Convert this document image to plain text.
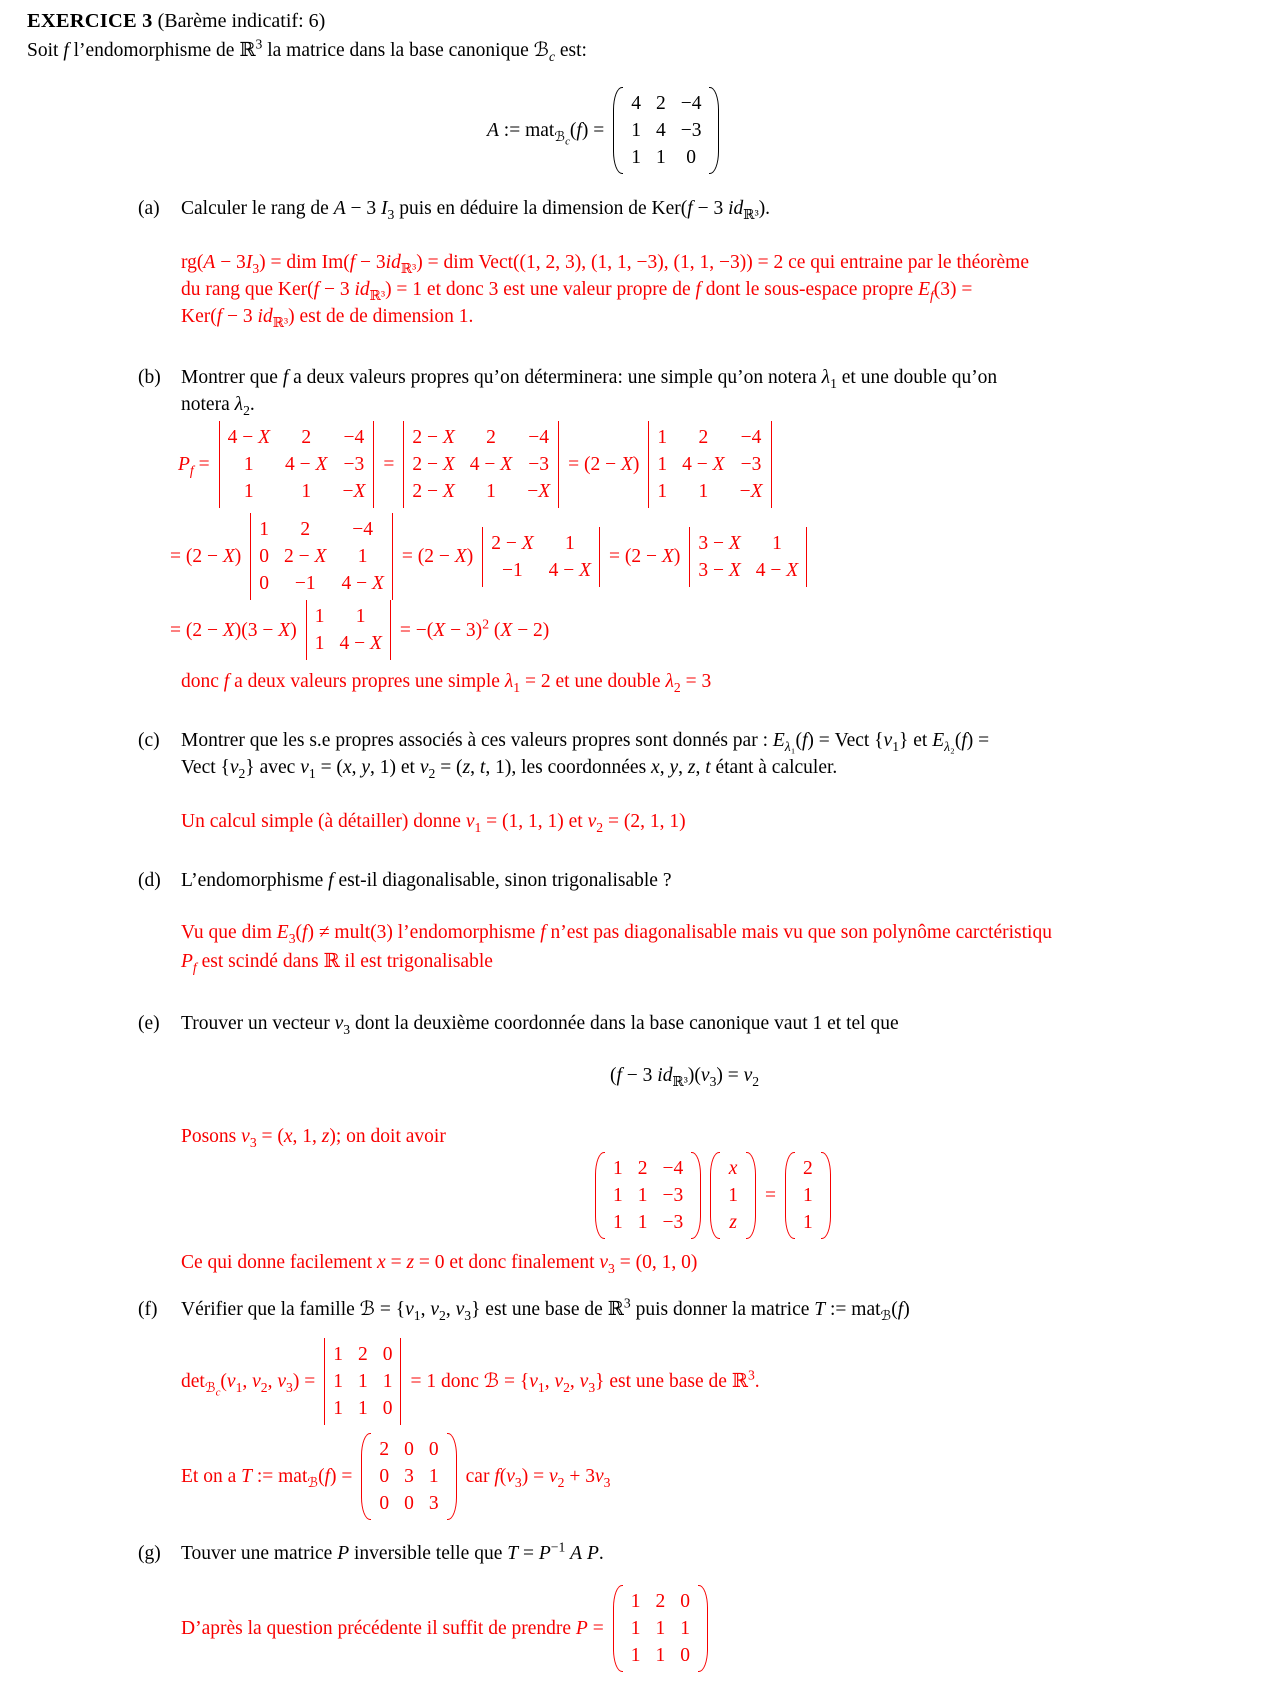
EXERCICE 3 (Barème indicatif: 6)
Soit f l’endomorphisme de ℝ$^3$ la matrice dans la base canonique ℬ$_c$ est:
A := mat$_{ℬ_c}$(f) =
4 2 −4
1 4 −3
1 1 0
(a)	Calculer le rang de A − 3 $I_3$ puis en déduire la dimension de Ker(f − 3 $id_{ℝ^3}$).
$rg(A - 3I_3)$ = dim $Im(f - 3id_{ℝ^3})$ = dim Vect((1, 2, 3), (1, 1, −3), (1, 1, −3)) = 2 ce qui entraine par le théorème
du rang que Ker(f − 3 $id_{ℝ^3}) = 1$ et donc 3 est une valeur propre de f dont le sous-espace propre $E_f(3)$ =
Ker(f − 3 $id_{ℝ^3}$) est de de dimension 1.
(b)	Montrer que f a deux valeurs propres qu’on déterminera: une simple qu’on notera $\lambda_1$ et une double qu’on
notera $\lambda_2$.
$P_f$ =
4 − X 2 −4
1 4 − X −3
1 1 −X
=
2 − X 2 −4
2 − X 4 − X −3
2 − X 1 −X
= (2 − X)
1 2 −4
1 4 − X −3
1 1 −X
= (2 − X)
1 2 −4
0 2 − X 1
0 −1 4 − X
= (2 − X)
2 − X 1
−1 4 − X
= (2 − X)
3 − X 1
3 − X 4 − X
= (2 − X)(3 − X)
1 1
1 4 − X
= $-(X - 3)^2$ (X − 2)
donc f a deux valeurs propres une simple $\lambda_1 = 2$ et une double $\lambda_2 = 3$
(c)	Montrer que les s.e propres associés à ces valeurs propres sont donnés par : $E_{\lambda_1}(f)$ = Vect $\{v_1\}$ et $E_{\lambda_2}(f)$ =
Vect $\{v_2\}$ avec $v_1 = (x$, y, 1) et $v_2 = (z$, t, 1), les coordonnées x, y, z, t étant à calculer.
Un calcul simple (à détailler) donne $v_1 = (1$, 1, 1) et $v_2 = (2$, 1, 1)
(d)	L’endomorphisme f est-il diagonalisable, sinon trigonalisable ?
Vu que dim $E_3(f)$ ≠ mult(3) l’endomorphisme f n’est pas diagonalisable mais vu que son polynôme carctéristiqu
$P_f$ est scindé dans ℝ il est trigonalisable
(e)	Trouver un vecteur $v_3$ dont la deuxième coordonnée dans la base canonique vaut 1 et tel que
(f − 3 $id_{ℝ^3})(v_3) = v_2$
Posons $v_3 = (x$, 1, z); on doit avoir
1 2 −4
1 1 −3
1 1 −3
x
1
z
=
2
1
1
Ce qui donne facilement x = z = 0 et donc finalement $v_3 = (0$, 1, 0)
(f)	Vérifier que la famille ℬ = {$v_1$, $v_2$, $v_3$} est une base de ℝ$^3$ puis donner la matrice T := mat$_ℬ$(f)
$\det_{ℬ_c}(v_1$, $v_2$, $v_3$) =
1 2 0
1 1 1
1 1 0
= 1 donc ℬ = {$v_1$, $v_2$, $v_3$} est une base de ℝ$^3$.
Et on a T := mat$_ℬ$(f) =
2 0 0
0 3 1
0 0 3
car $f(v_3) = v_2 + 3v_3$
(g)	Touver une matrice P inversible telle que $T = P^{-1}$ A P.
D’après la question précédente il suffit de prendre P =
1 2 0
1 1 1
1 1 0
